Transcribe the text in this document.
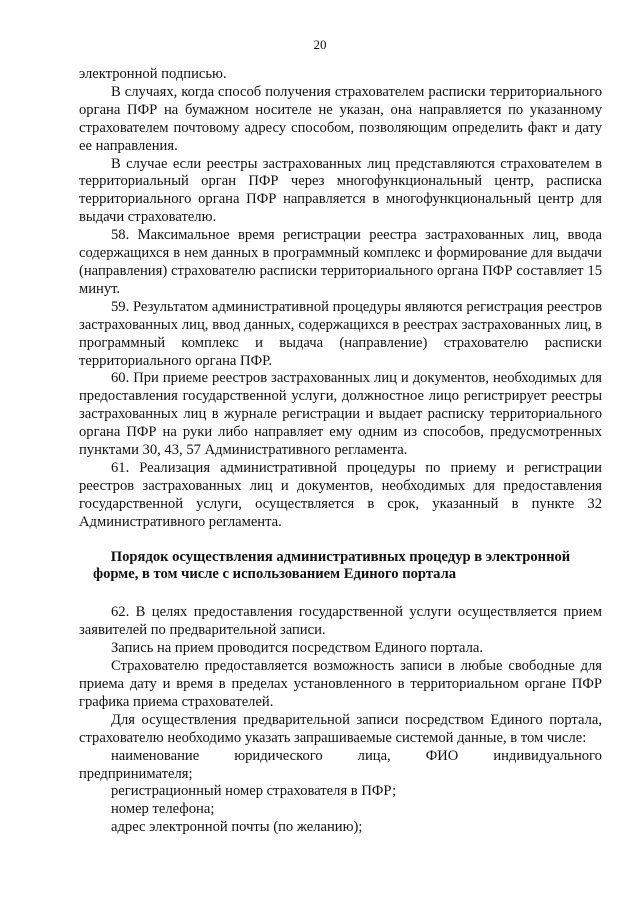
20

электронной подписью.

В случаях, когда способ получения страхователем расписки территориального органа ПФР на бумажном носителе не указан, она направляется по указанному страхователем почтовому адресу способом, позволяющим определить факт и дату ее направления.

В случае если реестры застрахованных лиц представляются страхователем в территориальный орган ПФР через многофункциональный центр, расписка территориального органа ПФР направляется в многофункциональный центр для выдачи страхователю.

58. Максимальное время регистрации реестра застрахованных лиц, ввода содержащихся в нем данных в программный комплекс и формирование для выдачи (направления) страхователю расписки территориального органа ПФР составляет 15 минут.

59. Результатом административной процедуры являются регистрация реестров застрахованных лиц, ввод данных, содержащихся в реестрах застрахованных лиц, в программный комплекс и выдача (направление) страхователю расписки территориального органа ПФР.

60. При приеме реестров застрахованных лиц и документов, необходимых для предоставления государственной услуги, должностное лицо регистрирует реестры застрахованных лиц в журнале регистрации и выдает расписку территориального органа ПФР на руки либо направляет ему одним из способов, предусмотренных пунктами 30, 43, 57 Административного регламента.

61. Реализация административной процедуры по приему и регистрации реестров застрахованных лиц и документов, необходимых для предоставления государственной услуги, осуществляется в срок, указанный в пункте 32 Административного регламента.

Порядок осуществления административных процедур в электронной форме, в том числе с использованием Единого портала

62. В целях предоставления государственной услуги осуществляется прием заявителей по предварительной записи.

Запись на прием проводится посредством Единого портала.

Страхователю предоставляется возможность записи в любые свободные для приема дату и время в пределах установленного в территориальном органе ПФР графика приема страхователей.

Для осуществления предварительной записи посредством Единого портала, страхователю необходимо указать запрашиваемые системой данные, в том числе:

наименование юридического лица, ФИО индивидуального

предпринимателя;

регистрационный номер страхователя в ПФР;

номер телефона;

адрес электронной почты (по желанию);
